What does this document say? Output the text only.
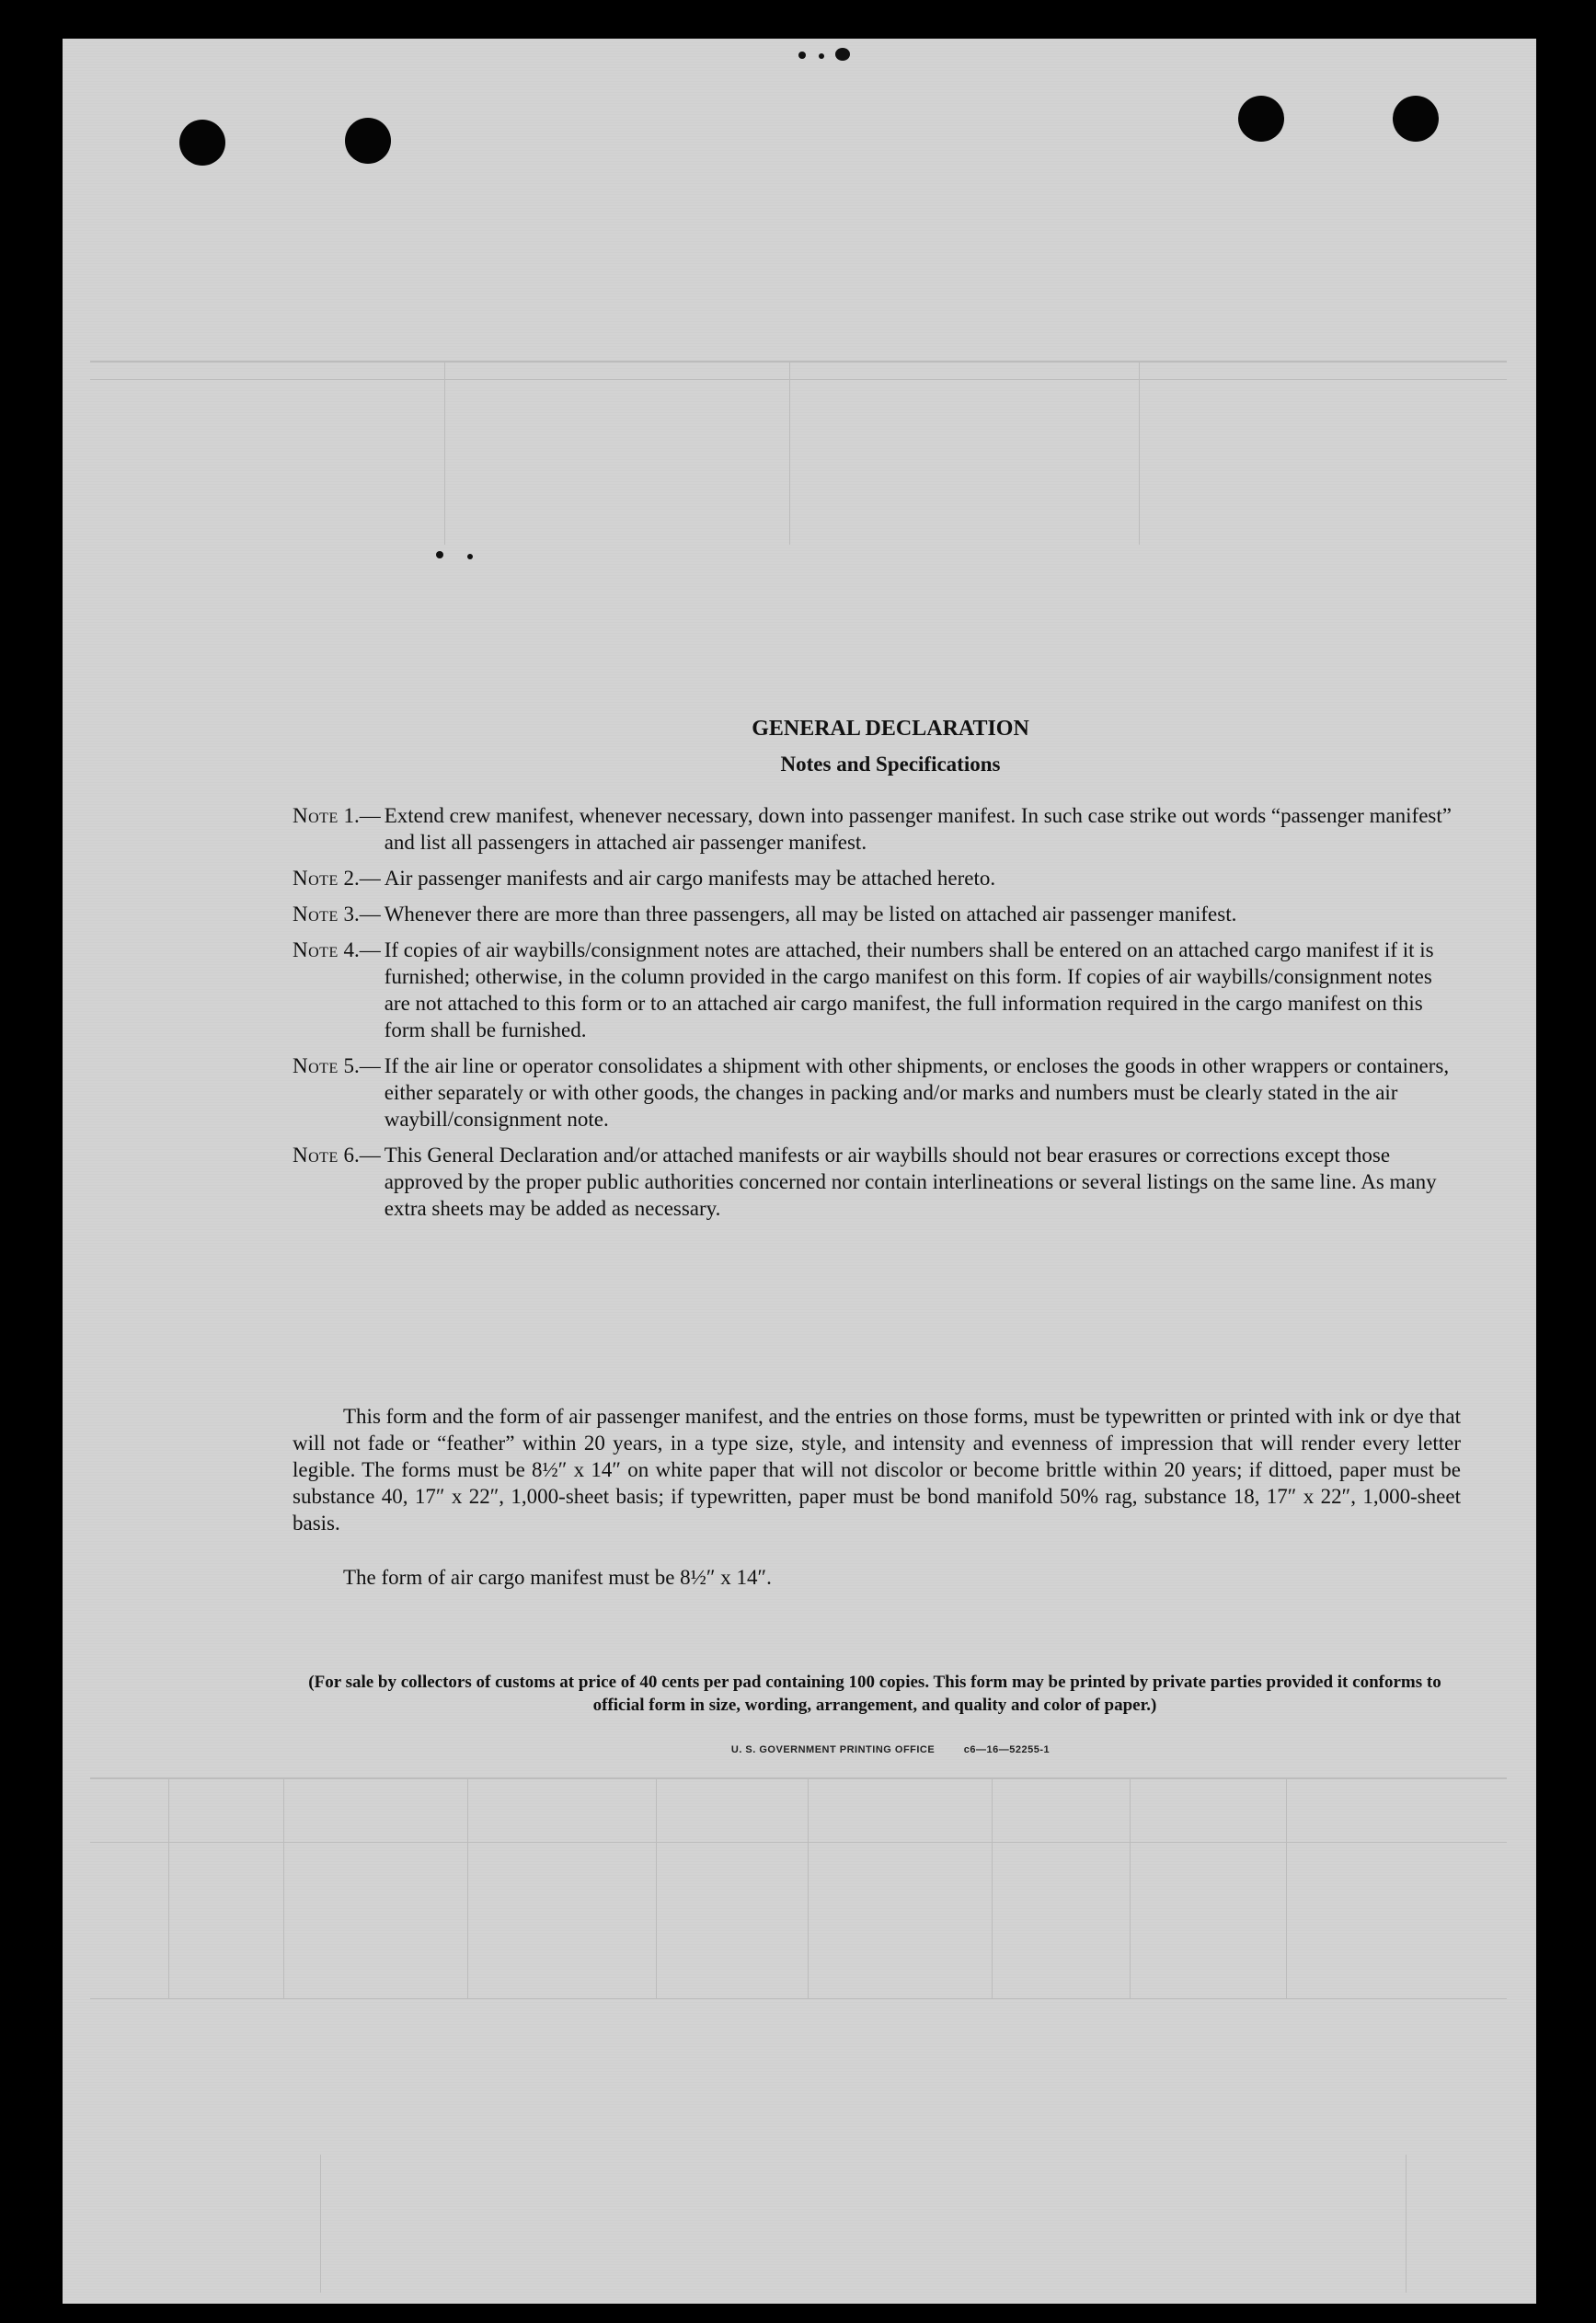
GENERAL DECLARATION
Notes and Specifications
Note 1.— Extend crew manifest, whenever necessary, down into passenger manifest. In such case strike out words “passenger manifest” and list all passengers in attached air passenger manifest.
Note 2.— Air passenger manifests and air cargo manifests may be attached hereto.
Note 3.— Whenever there are more than three passengers, all may be listed on attached air passenger manifest.
Note 4.— If copies of air waybills/consignment notes are attached, their numbers shall be entered on an attached cargo manifest if it is furnished; otherwise, in the column provided in the cargo manifest on this form. If copies of air waybills/consignment notes are not attached to this form or to an attached air cargo manifest, the full information required in the cargo manifest on this form shall be furnished.
Note 5.— If the air line or operator consolidates a shipment with other shipments, or encloses the goods in other wrappers or containers, either separately or with other goods, the changes in packing and/or marks and numbers must be clearly stated in the air waybill/consignment note.
Note 6.— This General Declaration and/or attached manifests or air waybills should not bear erasures or corrections except those approved by the proper public authorities concerned nor contain interlineations or several listings on the same line. As many extra sheets may be added as necessary.
This form and the form of air passenger manifest, and the entries on those forms, must be typewritten or printed with ink or dye that will not fade or “feather” within 20 years, in a type size, style, and intensity and evenness of impression that will render every letter legible. The forms must be 8½″ x 14″ on white paper that will not discolor or become brittle within 20 years; if dittoed, paper must be substance 40, 17″ x 22″, 1,000-sheet basis; if typewritten, paper must be bond manifold 50% rag, substance 18, 17″ x 22″, 1,000-sheet basis.
The form of air cargo manifest must be 8½″ x 14″.
(For sale by collectors of customs at price of 40 cents per pad containing 100 copies. This form may be printed by private parties provided it conforms to official form in size, wording, arrangement, and quality and color of paper.)
U. S. GOVERNMENT PRINTING OFFICE	c6—16—52255-1
